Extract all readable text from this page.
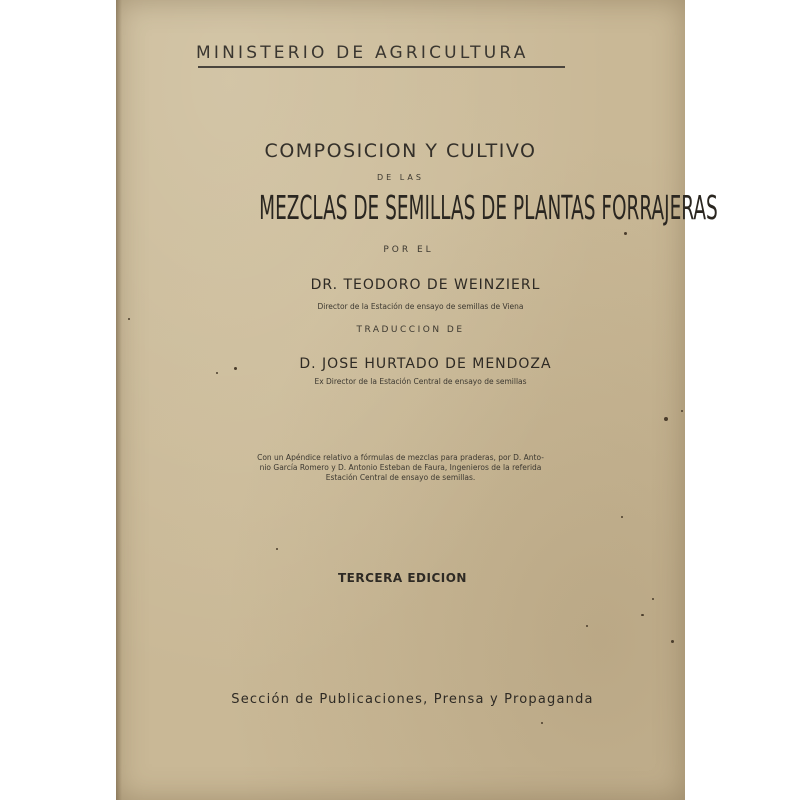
MINISTERIO DE AGRICULTURA
COMPOSICION Y CULTIVO
DE LAS
MEZCLAS DE SEMILLAS DE PLANTAS FORRAJERAS
POR EL
DR. TEODORO DE WEINZIERL
Director de la Estación de ensayo de semillas de Viena
TRADUCCION DE
D. JOSE HURTADO DE MENDOZA
Ex Director de la Estación Central de ensayo de semillas
Con un Apéndice relativo a fórmulas de mezclas para praderas, por D. Anto-
nio García Romero y D. Antonio Esteban de Faura, Ingenieros de la referida
Estación Central de ensayo de semillas.
TERCERA EDICION
Sección de Publicaciones, Prensa y Propaganda
